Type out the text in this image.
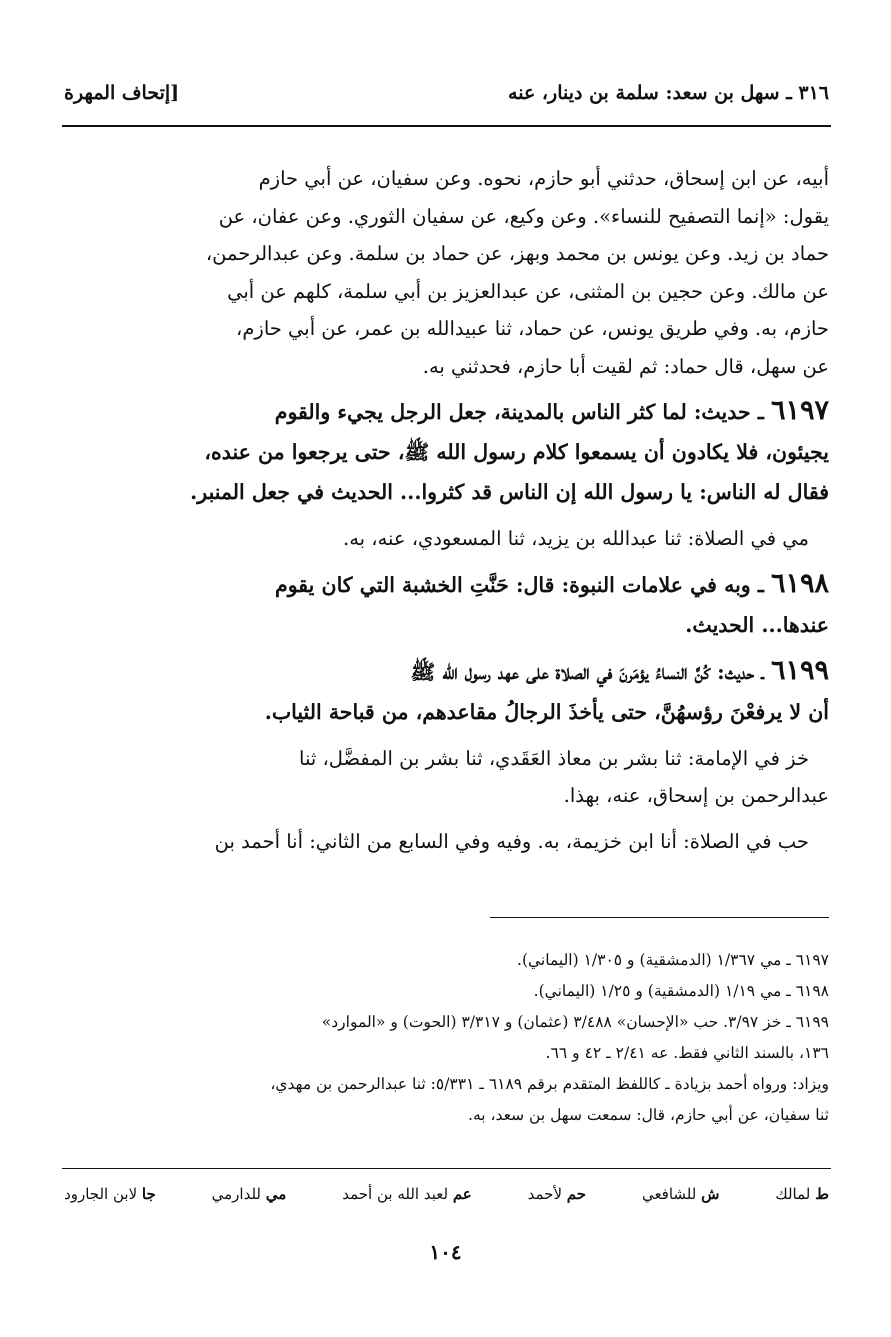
٣١٦ ـ سهل بن سعد: سلمة بن دينار، عنه
[إتحاف المهرة

أبيه، عن ابن إسحاق، حدثني أبو حازم، نحوه. وعن سفيان، عن أبي حازم

يقول: «إنما التصفيح للنساء». وعن وكيع، عن سفيان الثوري. وعن عفان، عن

حماد بن زيد. وعن يونس بن محمد وبهز، عن حماد بن سلمة. وعن عبدالرحمن،

عن مالك. وعن حجين بن المثنى، عن عبدالعزيز بن أبي سلمة، كلهم عن أبي

حازم، به. وفي طريق يونس، عن حماد، ثنا عبيدالله بن عمر، عن أبي حازم،

عن سهل، قال حماد: ثم لقيت أبا حازم، فحدثني به.

٦١٩٧ ـ حديث: لما كثر الناس بالمدينة، جعل الرجل يجيء والقوم

يجيئون، فلا يكادون أن يسمعوا كلام رسول الله ﷺ، حتى يرجعوا من عنده،

فقال له الناس: يا رسول الله إن الناس قد كثروا... الحديث في جعل المنبر.

مي في الصلاة: ثنا عبدالله بن يزيد، ثنا المسعودي، عنه، به.

٦١٩٨ ـ وبه في علامات النبوة: قال: حَنَّتِ الخشبة التي كان يقوم

عندها... الحديث.

٦١٩٩ ـ حديث: كُنَّ النساءُ يؤمَرنَ في الصلاة على عهد رسول الله ﷺ

أن لا يرفعْنَ رؤسهُنَّ، حتى يأخذَ الرجالُ مقاعدهم، من قباحة الثياب.

خز في الإمامة: ثنا بشر بن معاذ العَقَدي، ثنا بشر بن المفضَّل، ثنا

عبدالرحمن بن إسحاق، عنه، بهذا.

حب في الصلاة: أنا ابن خزيمة، به. وفيه وفي السابع من الثاني: أنا أحمد بن

٦١٩٧ ـ مي ١/٣٦٧ (الدمشقية) و ١/٣٠٥ (اليماني).

٦١٩٨ ـ مي ١/١٩ (الدمشقية) و ١/٢٥ (اليماني).

٦١٩٩ ـ خز ٣/٩٧. حب «الإحسان» ٣/٤٨٨ (عثمان) و ٣/٣١٧ (الحوت) و «الموارد»

١٣٦، بالسند الثاني فقط. عه ٢/٤١ ـ ٤٢ و ٦٦.

ويزاد: ورواه أحمد بزيادة ـ كاللفظ المتقدم برقم ٦١٨٩ ـ ٥/٣٣١: ثنا عبدالرحمن بن مهدي،

ثنا سفيان، عن أبي حازم، قال: سمعت سهل بن سعد، به.

ط لمالك
ش للشافعي
حم لأحمد
عم لعبد الله بن أحمد
مي للدارمي
جا لابن الجارود
١٠٤
